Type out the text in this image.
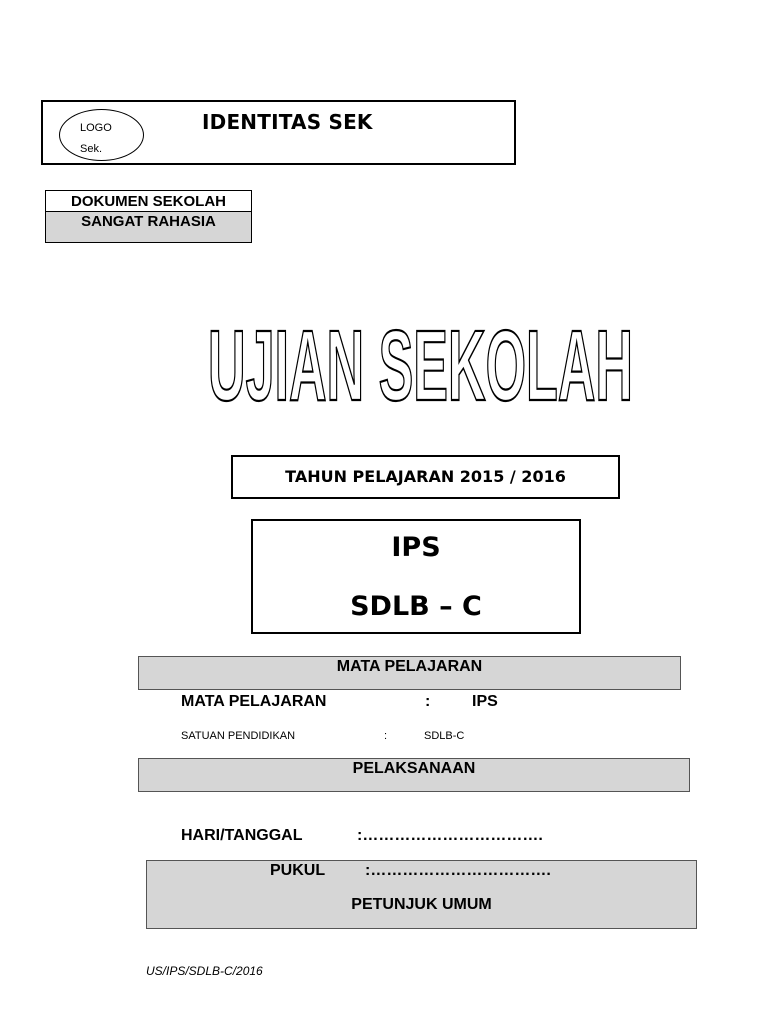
LOGO
Sek.
IDENTITAS SEK
DOKUMEN SEKOLAH
SANGAT RAHASIA
UJIAN SEKOLAH
TAHUN PELAJARAN 2015 / 2016
IPS
SDLB – C
MATA PELAJARAN
MATA PELAJARAN	:	IPS
SATUAN PENDIDIKAN	:	SDLB-C
PELAKSANAAN
HARI/TANGGAL	:…………………………….
PUKUL :…………………………….
PETUNJUK UMUM
US/IPS/SDLB-C/2016
